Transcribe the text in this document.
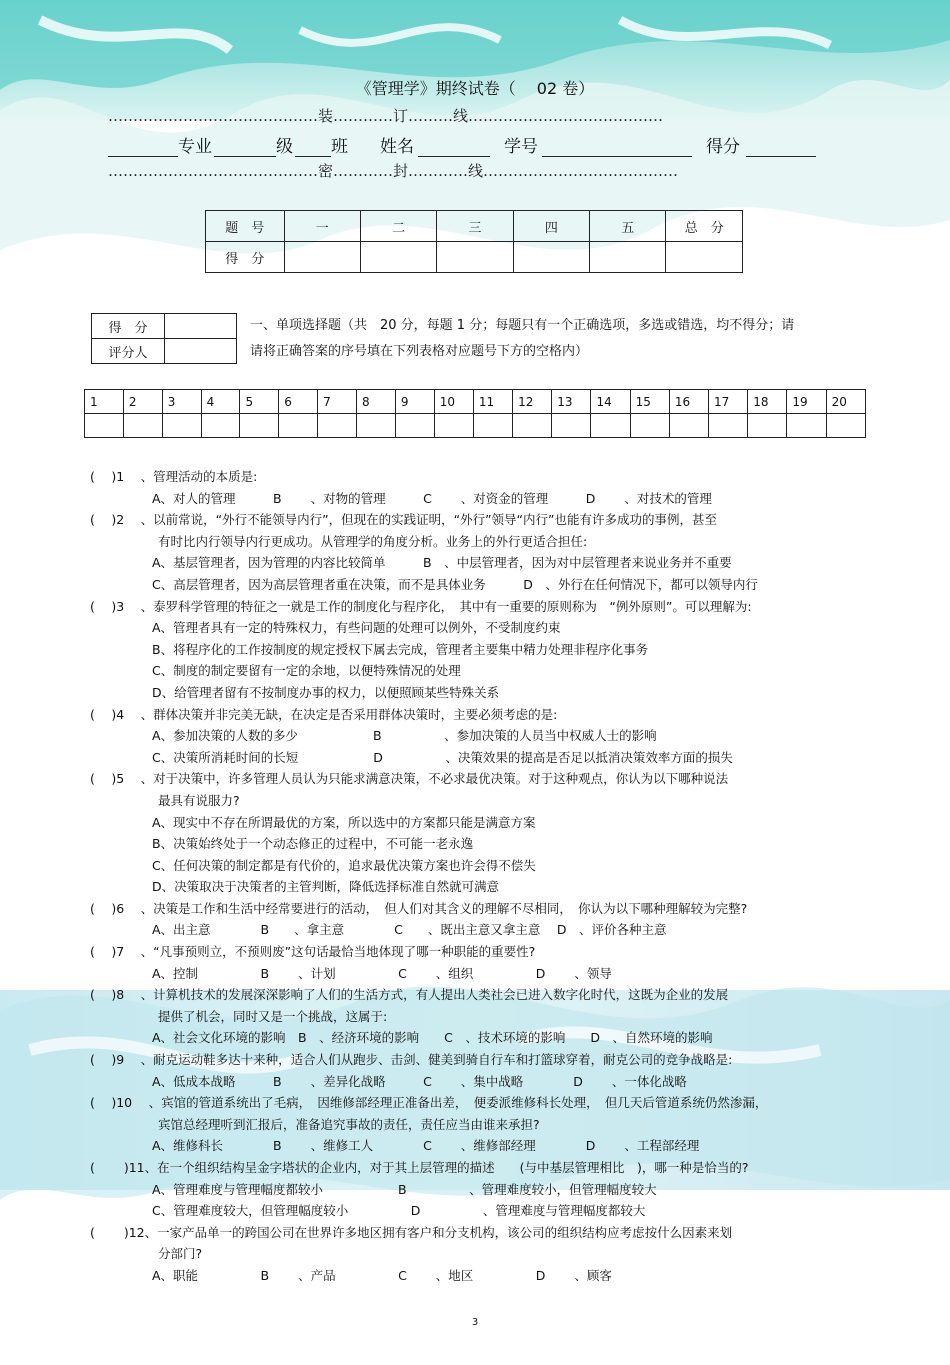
《管理学》期终试卷（　 02 卷）
……………………………………装…………订………线…………………………………
专业	级 班 姓名	学号	得分
……………………………………密…………封…………线…………………………………
题　号	一	二	三	四	五	总　分
得　分						
得　分	
评分人	
一、单项选择题（共　20 分，每题 1 分；每题只有一个正确选项，多选或错选，均不得分；请
请将正确答案的序号填在下列表格对应题号下方的空格内）
1	2	3	4	5	6	7	8	9	10	11	12	13	14	15	16	17	18	19	20

(　 )1　 、管理活动的本质是:
A、对人的管理　　　B　　 、对物的管理　　　C　　 、对资金的管理　　　D　　 、对技术的管理
(　 )2　 、以前常说，“外行不能领导内行”，但现在的实践证明，“外行”领导“内行”也能有许多成功的事例，甚至
有时比内行领导内行更成功。从管理学的角度分析。业务上的外行更适合担任:
A、基层管理者，因为管理的内容比较简单　　　B　、中层管理者，因为对中层管理者来说业务并不重要
C、高层管理者，因为高层管理者重在决策，而不是具体业务　　　D　、外行在任何情况下，都可以领导内行
(　 )3　 、泰罗科学管理的特征之一就是工作的制度化与程序化，　其中有一重要的原则称为　“例外原则”。可以理解为:
A、管理者具有一定的特殊权力，有些问题的处理可以例外，不受制度约束
B、将程序化的工作按制度的规定授权下属去完成，管理者主要集中精力处理非程序化事务
C、制度的制定要留有一定的余地，以便特殊情况的处理
D、给管理者留有不按制度办事的权力，以便照顾某些特殊关系
(　 )4　 、群体决策并非完美无缺，在决定是否采用群体决策时，主要必须考虑的是:
A、参加决策的人数的多少　　　　　　B　　　　　、参加决策的人员当中权威人士的影响
C、决策所消耗时间的长短　　　　　　D　　　　　、决策效果的提高是否足以抵消决策效率方面的损失
(　 )5　 、对于决策中，许多管理人员认为只能求满意决策，不必求最优决策。对于这种观点，你认为以下哪种说法
最具有说服力?
A、现实中不存在所谓最优的方案，所以选中的方案都只能是满意方案
B、决策始终处于一个动态修正的过程中，不可能一老永逸
C、任何决策的制定都是有代价的，追求最优决策方案也许会得不偿失
D、决策取决于决策者的主管判断，降低选择标准自然就可满意
(　 )6　 、决策是工作和生活中经常要进行的活动，　但人们对其含义的理解不尽相同，　你认为以下哪种理解较为完整?
A、出主意　　　　B　　、拿主意　　　　C　　、既出主意又拿主意　 D　、评价各种主意
(　 )7　 、“凡事预则立，不预则废”这句话最恰当地体现了哪一种职能的重要性?
A、控制　　　　　B　　 、计划　　　　　C　　 、组织　　　　　D　　 、领导
(　 )8　 、计算机技术的发展深深影响了人们的生活方式，有人提出人类社会已进入数字化时代，这既为企业的发展
提供了机会，同时又是一个挑战，这属于:
A、社会文化环境的影响　B　、经济环境的影响　　C　、技术环境的影响　　D　、自然环境的影响
(　 )9　 、耐克运动鞋多达十来种，适合人们从跑步、击剑、健美到骑自行车和打篮球穿着，耐克公司的竞争战略是:
A、低成本战略　　　B　　 、差异化战略　　　C　　 、集中战略　　　　D　　 、一体化战略
(　 )10　 、宾馆的管道系统出了毛病，　因维修部经理正准备出差，　便委派维修科长处理，　但几天后管道系统仍然渗漏，
宾馆总经理听到汇报后，准备追究事故的责任，责任应当由谁来承担?
A、维修科长　　　　B　　 、维修工人　　　　C　　 、维修部经理　　　　D　　 、工程部经理
(　　 )11、在一个组织结构呈金字塔状的企业内，对于其上层管理的描述　　(与中基层管理相比　)，哪一种是恰当的?
A、管理难度与管理幅度都较小　　　　　　B　　　　　、管理难度较小，但管理幅度较大
C、管理难度较大，但管理幅度较小　　　　　D　　　　　、管理难度与管理幅度都较大
(　　 )12、一家产品单一的跨国公司在世界许多地区拥有客户和分支机构，该公司的组织结构应考虑按什么因素来划
分部门?
A、职能　　　　　B　　 、产品　　　　　C　　 、地区　　　　　D　　 、顾客
3
